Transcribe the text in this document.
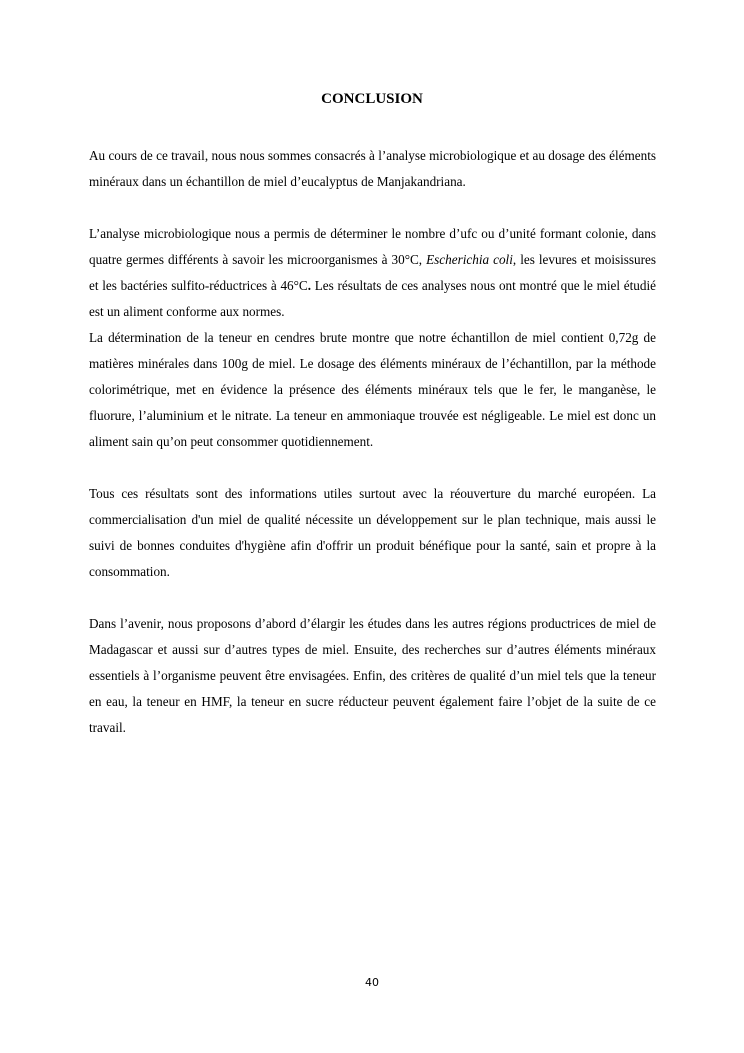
CONCLUSION

Au cours de ce travail, nous nous sommes consacrés à l’analyse microbiologique et au dosage des éléments minéraux dans un échantillon de miel d’eucalyptus de Manjakandriana.

L’analyse microbiologique nous a permis de déterminer le nombre d’ufc ou d’unité formant colonie, dans quatre germes différents à savoir les microorganismes à 30°C, Escherichia coli, les levures et moisissures et les bactéries sulfito-réductrices à 46°C. Les résultats de ces analyses nous ont montré que le miel étudié est un aliment conforme aux normes.

La détermination de la teneur en cendres brute montre que notre échantillon de miel contient 0,72g de matières minérales dans 100g de miel. Le dosage des éléments minéraux de l’échantillon, par la méthode colorimétrique, met en évidence la présence des éléments minéraux tels que le fer, le manganèse, le fluorure, l’aluminium et le nitrate. La teneur en ammoniaque trouvée est négligeable. Le miel est donc un aliment sain qu’on peut consommer quotidiennement.

Tous ces résultats sont des informations utiles surtout avec la réouverture du marché européen. La commercialisation d'un miel de qualité nécessite un développement sur le plan technique, mais aussi le suivi de bonnes conduites d'hygiène afin d'offrir un produit bénéfique pour la santé, sain et propre à la consommation.

Dans l’avenir, nous proposons d’abord d’élargir les études dans les autres régions productrices de miel de Madagascar et aussi sur d’autres types de miel. Ensuite, des recherches sur d’autres éléments minéraux essentiels à l’organisme peuvent être envisagées. Enfin, des critères de qualité d’un miel tels que la teneur en eau, la teneur en HMF, la teneur en sucre réducteur peuvent également faire l’objet de la suite de ce travail.

40
